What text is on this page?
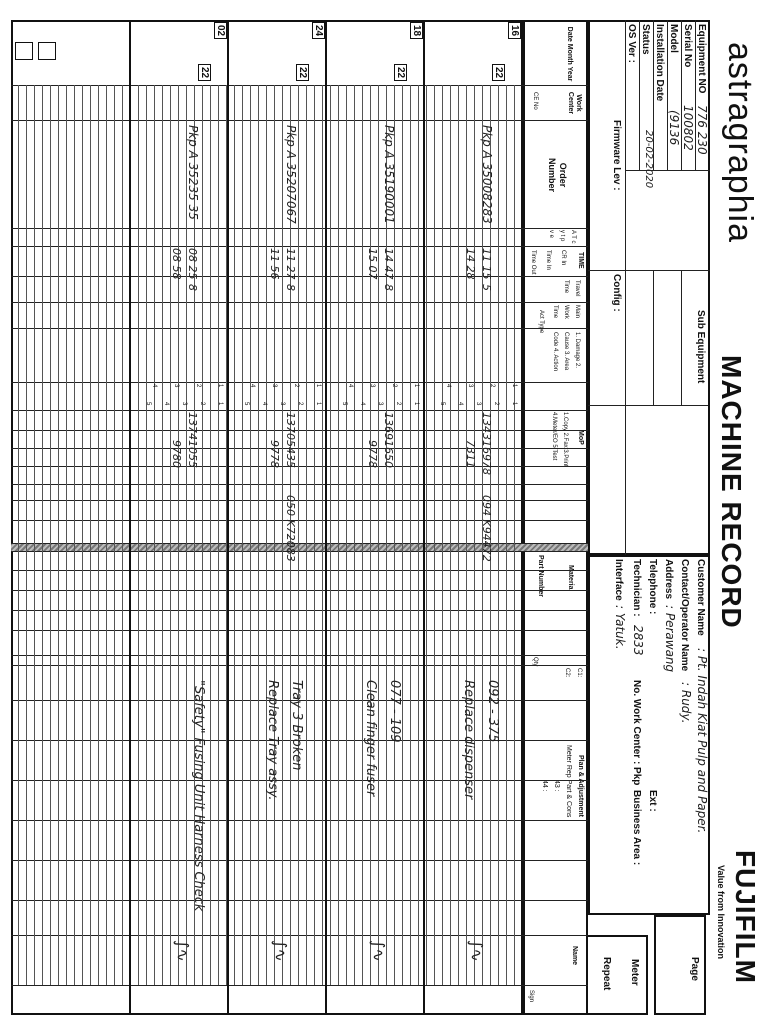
astragraphia
MACHINE RECORD
FUJIFILM
Value from Innovation
Page
Meter
Repeat
Equipment NO
776 230
Serial No
100802
Model
(9136
Installation Date
20-02-2020
Status
OS Ver :
Firmware Lev :
Config :
Sub Equipment
Customer Name
: Pt. Indah Kiat Pulp and Paper.
Contact/Operator Name
: Rudy.
Address
: Perawang
Telephone :
Ext :
Technician :
2833
No. Work Center : Pkp
Business Area :
Interface
: Yatuk.
Date Month Year
Work Center
CE No
Order Number
A T c y t p v e
TIME
CR In
Time In
Time Out
Travel Time
Main Work Time
Act Type
1. Damage 2. Cause 3. Area Code 4. Action
MoP
1.Copy 2.Fax 3.Print 4.Meter/EO 5.Test
Material
Part Number
Qty
C1:
C2:
Plan & Adjustment
Meter Rep Part & Cons
43 :
44 :
Name
Sign
16
22
Pkp A 35008283
11 15
14 28
5
134316978
7311
094 K94472
092 - 375
Replace dispenser
∫∿
1
2
3
4
1
2
3
4
5
18
22
Pkp A 35190001
14 47
15 07
8
13691650
9778
077 - 109
Clean finger fuser
∫∿
1
2
3
4
1
2
3
4
5
24
22
Pkp A 35207067
11 27
11 56
8
13705435
9778
050 K72083
Tray 3 Broken
Replace Tray assy.
∫∿
1
2
3
4
1
2
3
4
5
02
22
Pkp A 35235 35
08 25
08 58
8
13741055
9780
"Safety" Fusing Unit Harness Check
∫∿
1
2
3
4
1
2
3
4
5
